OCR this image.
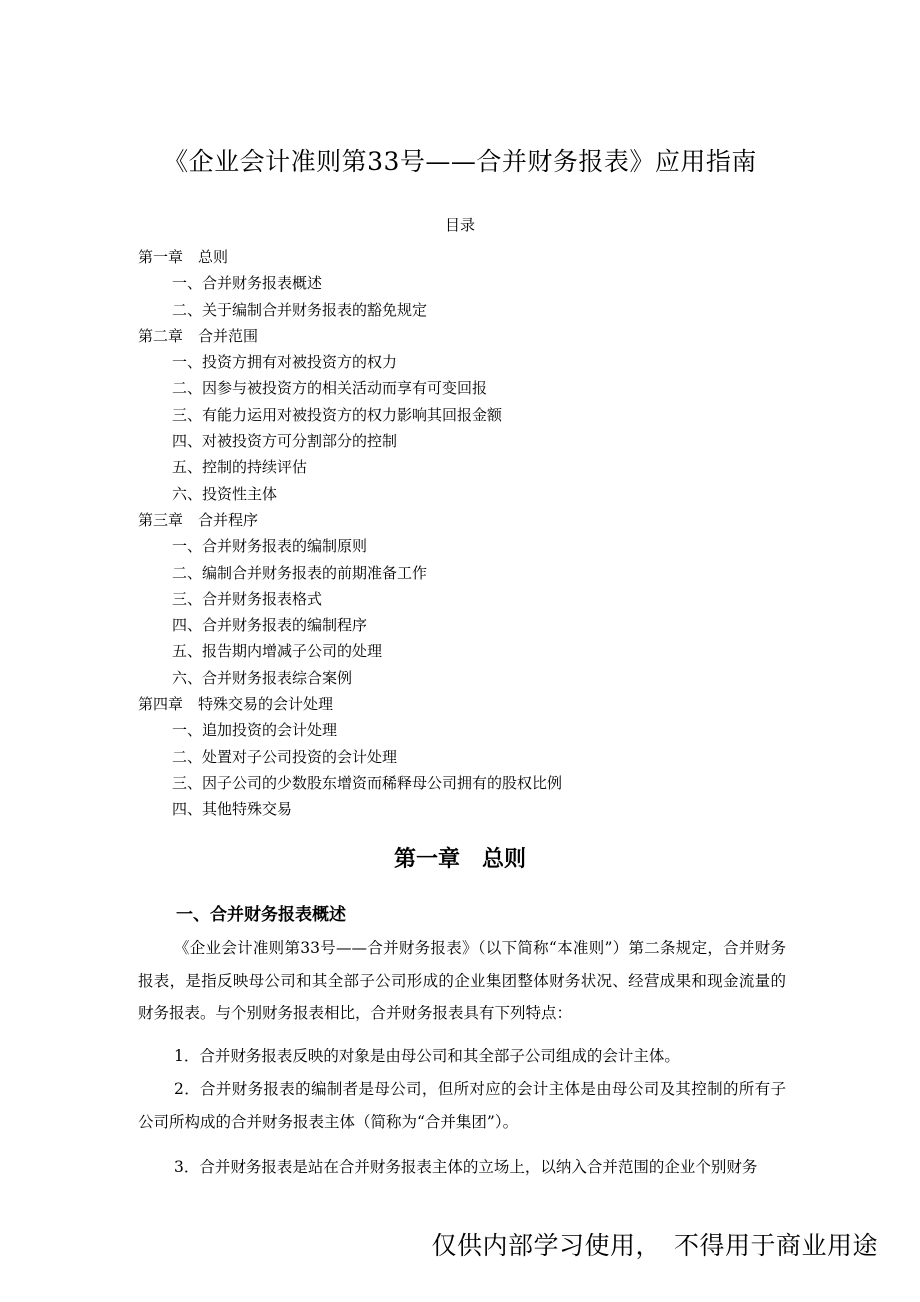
《企业会计准则第33号——合并财务报表》应用指南
目录
第一章　总则
一、合并财务报表概述
二、关于编制合并财务报表的豁免规定
第二章　合并范围
一、投资方拥有对被投资方的权力
二、因参与被投资方的相关活动而享有可变回报
三、有能力运用对被投资方的权力影响其回报金额
四、对被投资方可分割部分的控制
五、控制的持续评估
六、投资性主体
第三章　合并程序
一、合并财务报表的编制原则
二、编制合并财务报表的前期准备工作
三、合并财务报表格式
四、合并财务报表的编制程序
五、报告期内增减子公司的处理
六、合并财务报表综合案例
第四章　特殊交易的会计处理
一、追加投资的会计处理
二、处置对子公司投资的会计处理
三、因子公司的少数股东增资而稀释母公司拥有的股权比例
四、其他特殊交易
第一章　总则
一、合并财务报表概述
《企业会计准则第33号——合并财务报表》（以下简称“本准则”）第二条规定，合并财务报表，是指反映母公司和其全部子公司形成的企业集团整体财务状况、经营成果和现金流量的财务报表。与个别财务报表相比，合并财务报表具有下列特点：
1．合并财务报表反映的对象是由母公司和其全部子公司组成的会计主体。
2．合并财务报表的编制者是母公司，但所对应的会计主体是由母公司及其控制的所有子公司所构成的合并财务报表主体（简称为“合并集团”）。
3．合并财务报表是站在合并财务报表主体的立场上，以纳入合并范围的企业个别财务
仅供内部学习使用，　不得用于商业用途
